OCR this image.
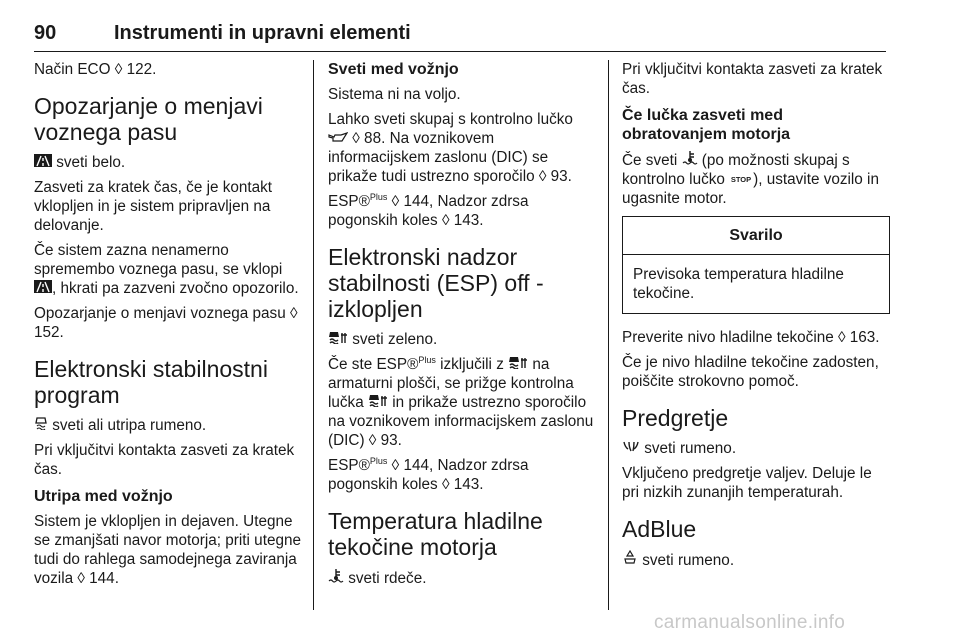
90	Instrumenti in upravni elementi

Način ECO ◊ 122.

Opozarjanje o menjavi voznega pasu

sveti belo.

Zasveti za kratek čas, če je kontakt vklopljen in je sistem pripravljen na delovanje.

Če sistem zazna nenamerno spremembo voznega pasu, se vklopi , hkrati pa zazveni zvočno opozorilo.

Opozarjanje o menjavi voznega pasu ◊ 152.

Elektronski stabilnostni program

sveti ali utripa rumeno.

Pri vključitvi kontakta zasveti za kratek čas.

Utripa med vožnjo

Sistem je vklopljen in dejaven. Utegne se zmanjšati navor motorja; priti utegne tudi do rahlega samodejnega zaviranja vozila ◊ 144.

Sveti med vožnjo

Sistema ni na voljo.

Lahko sveti skupaj s kontrolno lučko  ◊ 88. Na voznikovem informacijskem zaslonu (DIC) se prikaže tudi ustrezno sporočilo ◊ 93.

ESP®$^{Plus}$ ◊ 144, Nadzor zdrsa pogonskih koles ◊ 143.

Elektronski nadzor stabilnosti (ESP) off - izklopljen

sveti zeleno.

Če ste ESP®$^{Plus}$ izključili z na armaturni plošči, se prižge kontrolna lučka in prikaže ustrezno sporočilo na voznikovem informacijskem zaslonu (DIC) ◊ 93.

ESP®$^{Plus}$ ◊ 144, Nadzor zdrsa pogonskih koles ◊ 143.

Temperatura hladilne tekočine motorja

sveti rdeče.

Pri vključitvi kontakta zasveti za kratek čas.

Če lučka zasveti med obratovanjem motorja

Če sveti (po možnosti skupaj s kontrolno lučko STOP ), ustavite vozilo in ugasnite motor.

Svarilo
Previsoka temperatura hladilne tekočine.

Preverite nivo hladilne tekočine ◊ 163.

Če je nivo hladilne tekočine zadosten, poiščite strokovno pomoč.

Predgretje

sveti rumeno.

Vključeno predgretje valjev. Deluje le pri nizkih zunanjih temperaturah.

AdBlue

sveti rumeno.

carmanualsonline.info
